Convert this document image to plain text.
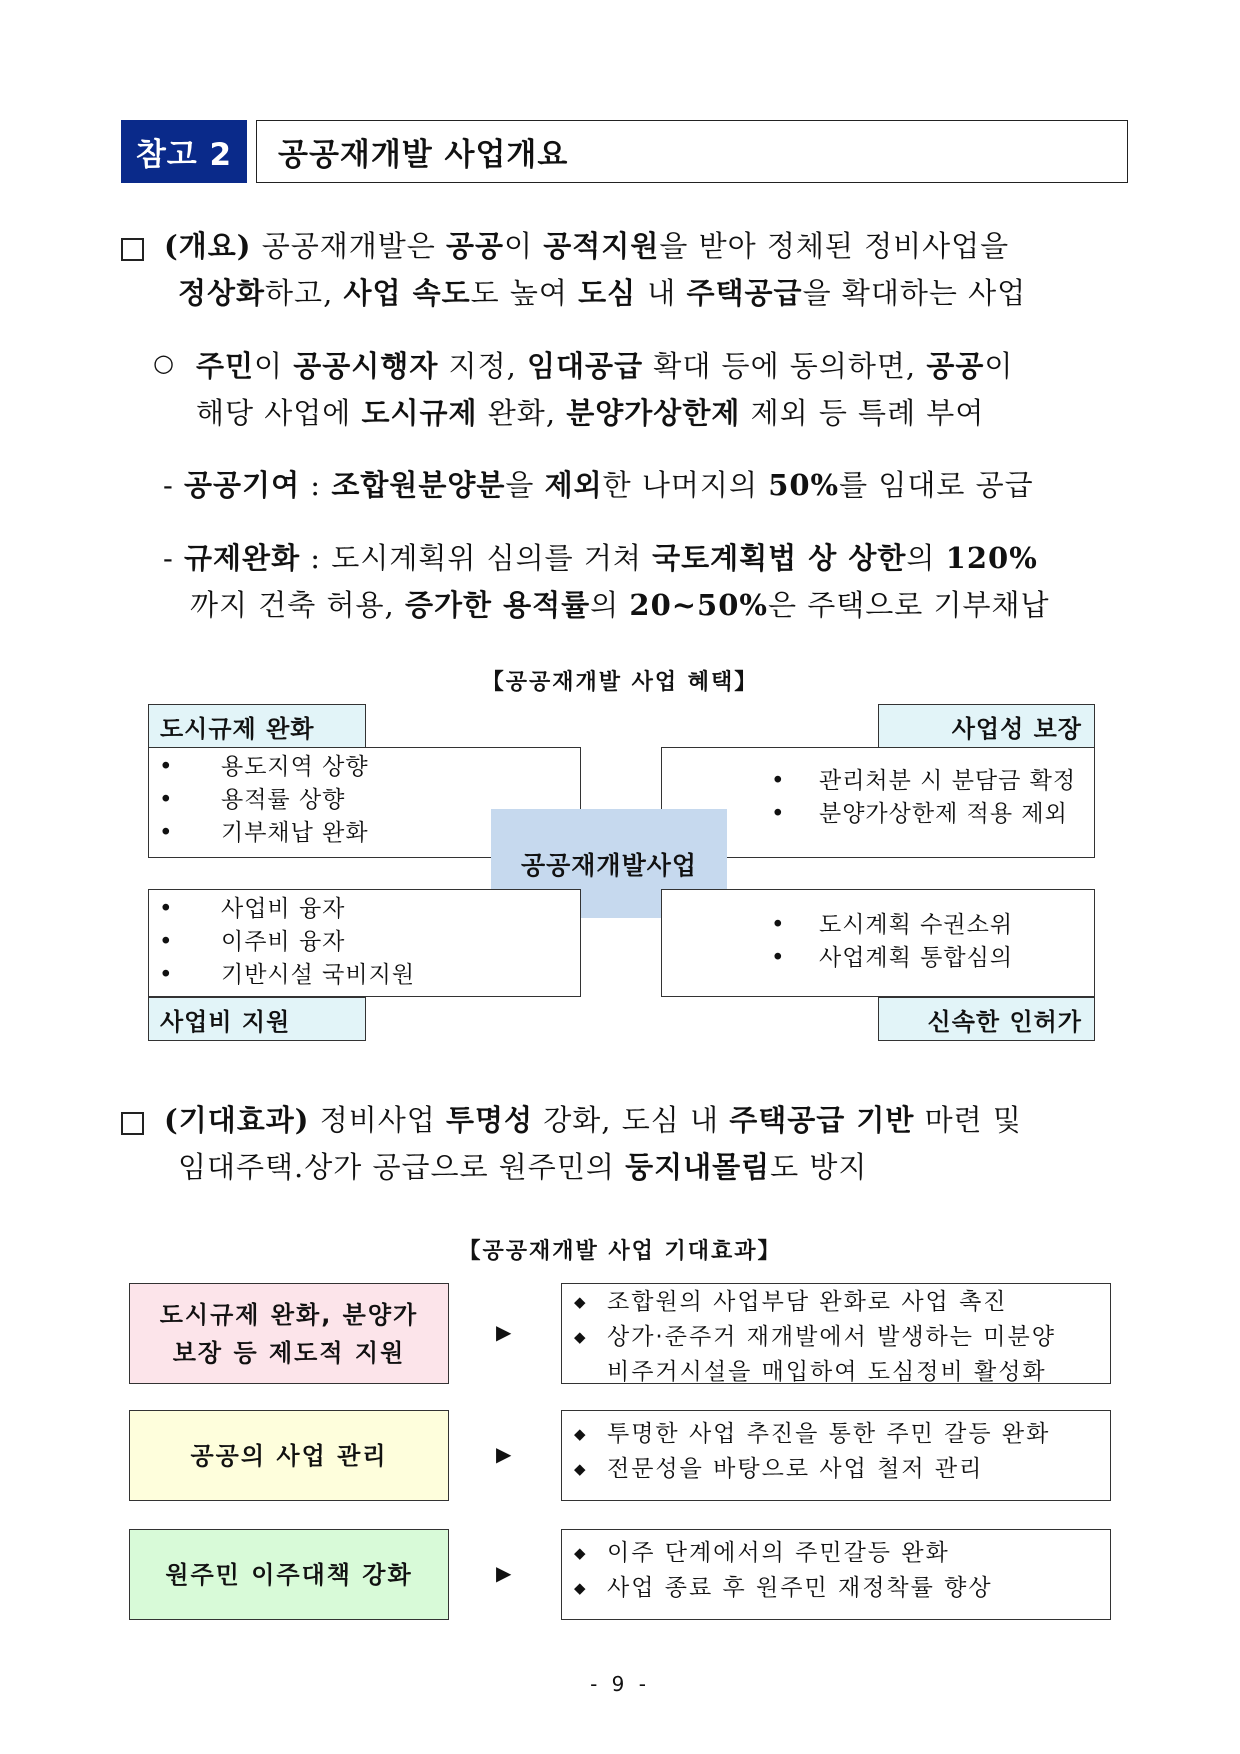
참고 2	공공재개발 사업개요
(개요) 공공재개발은 공공이 공적지원을 받아 정체된 정비사업을
정상화하고, 사업 속도도 높여 도심 내 주택공급을 확대하는 사업
○ 주민이 공공시행자 지정, 임대공급 확대 등에 동의하면, 공공이
해당 사업에 도시규제 완화, 분양가상한제 제외 등 특례 부여
- 공공기여 : 조합원분양분을 제외한 나머지의 50%를 임대로 공급
- 규제완화 : 도시계획위 심의를 거쳐 국토계획법 상 상한의 120%
까지 건축 허용, 증가한 용적률의 20~50%은 주택으로 기부채납
【공공재개발 사업 혜택】
• 용도지역 상향
• 용적률 상향
• 기부채납 완화
도시규제 완화
• 관리처분 시 분담금 확정
• 분양가상한제 적용 제외
사업성 보장
공공재개발사업
• 사업비 융자
• 이주비 융자
• 기반시설 국비지원
사업비 지원
• 도시계획 수권소위
• 사업계획 통합심의
신속한 인허가
(기대효과) 정비사업 투명성 강화, 도심 내 주택공급 기반 마련 및
임대주택.상가 공급으로 원주민의 둥지내몰림도 방지
【공공재개발 사업 기대효과】
도시규제 완화, 분양가
보장 등 제도적 지원
▶
◆ 조합원의 사업부담 완화로 사업 촉진
◆ 상가·준주거 재개발에서 발생하는 미분양
비주거시설을 매입하여 도심정비 활성화
공공의 사업 관리	▶
◆ 투명한 사업 추진을 통한 주민 갈등 완화
◆ 전문성을 바탕으로 사업 철저 관리
원주민 이주대책 강화	▶
◆ 이주 단계에서의 주민갈등 완화
◆ 사업 종료 후 원주민 재정착률 향상
- 9 -
